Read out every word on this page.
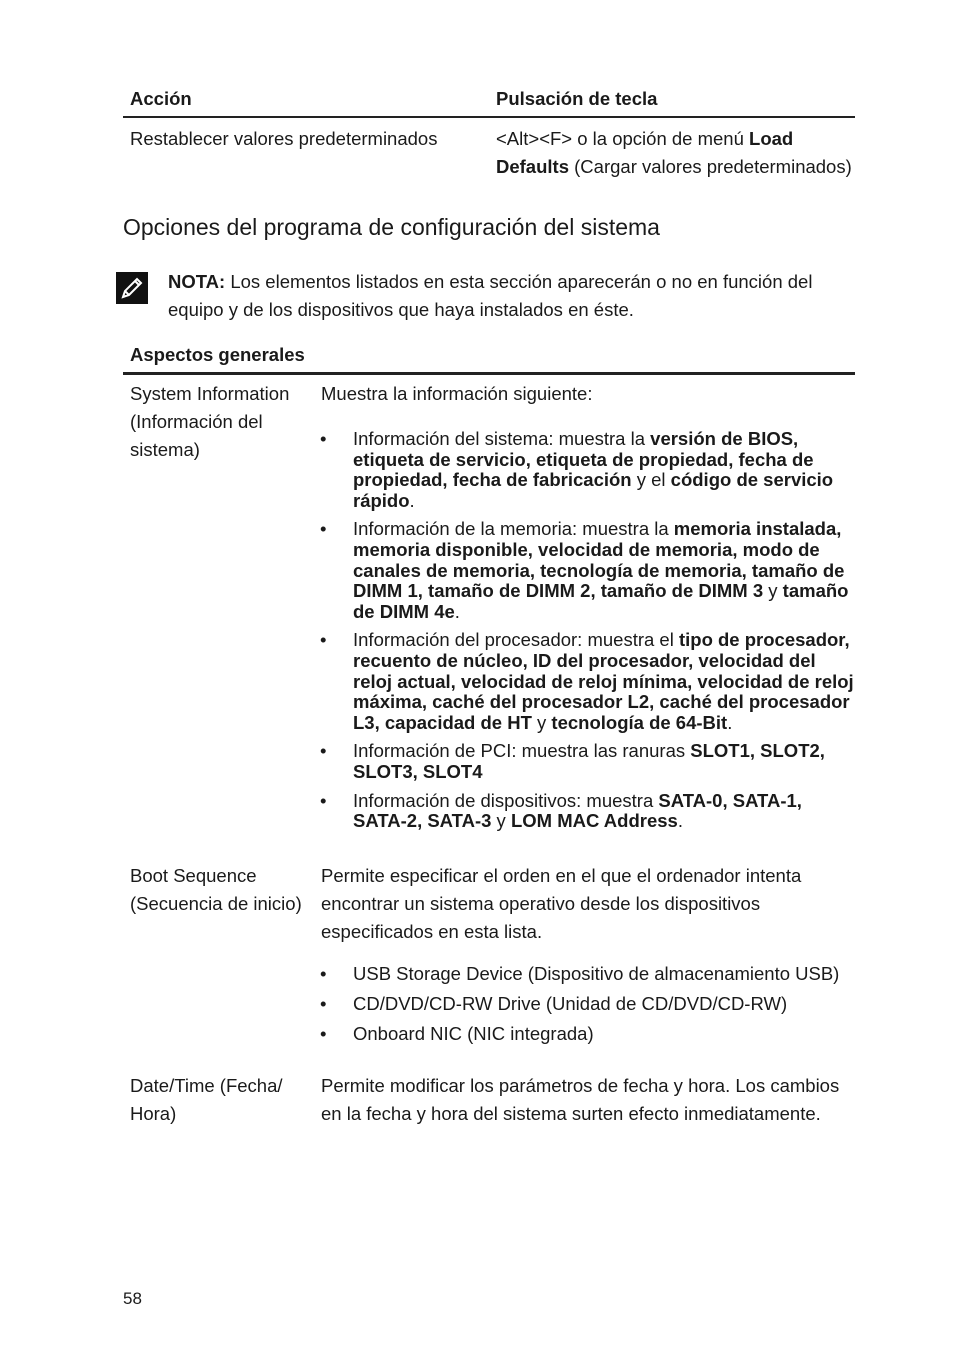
Acción	Pulsación de tecla
Restablecer valores predeterminados	<Alt><F> o la opción de menú Load
Defaults (Cargar valores predeterminados)
Opciones del programa de configuración del sistema
NOTA: Los elementos listados en esta sección aparecerán o no en función del
equipo y de los dispositivos que haya instalados en éste.
Aspectos generales
System Information
(Información del
sistema)
Muestra la información siguiente:
• Información del sistema: muestra la versión de BIOS, etiqueta de servicio, etiqueta de propiedad, fecha de propiedad, fecha de fabricación y el código de servicio rápido.
• Información de la memoria: muestra la memoria instalada, memoria disponible, velocidad de memoria, modo de canales de memoria, tecnología de memoria, tamaño de DIMM 1, tamaño de DIMM 2, tamaño de DIMM 3 y tamaño de DIMM 4e.
• Información del procesador: muestra el tipo de procesador, recuento de núcleo, ID del procesador, velocidad del reloj actual, velocidad de reloj mínima, velocidad de reloj máxima, caché del procesador L2, caché del procesador L3, capacidad de HT y tecnología de 64-Bit.
• Información de PCI: muestra las ranuras SLOT1, SLOT2, SLOT3, SLOT4
• Información de dispositivos: muestra SATA-0, SATA-1, SATA-2, SATA-3 y LOM MAC Address.
Boot Sequence
(Secuencia de inicio)
Permite especificar el orden en el que el ordenador intenta
encontrar un sistema operativo desde los dispositivos
especificados en esta lista.
• USB Storage Device (Dispositivo de almacenamiento USB)
• CD/DVD/CD-RW Drive (Unidad de CD/DVD/CD-RW)
• Onboard NIC (NIC integrada)
Date/Time (Fecha/
Hora)
Permite modificar los parámetros de fecha y hora. Los cambios
en la fecha y hora del sistema surten efecto inmediatamente.
58
